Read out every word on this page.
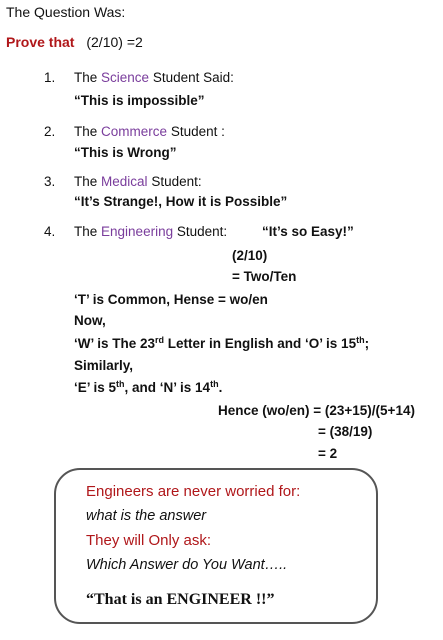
The Question Was:
Prove that (2/10) =2
1. The Science Student Said:
“This is impossible”
2. The Commerce Student :
“This is Wrong”
3. The Medical Student:
“It’s Strange!, How it is Possible”
4. The Engineering Student:	“It’s so Easy!”
(2/10)
= Two/Ten
‘T’ is Common, Hense = wo/en
Now,
‘W’ is The 23rd Letter in English and ‘O’ is 15th;
Similarly,
‘E’ is 5th, and ‘N’ is 14th.
Hence (wo/en) = (23+15)/(5+14)
= (38/19)
= 2
Engineers are never worried for:
what is the answer
They will Only ask:
Which Answer do You Want…..
“That is an ENGINEER !!”
